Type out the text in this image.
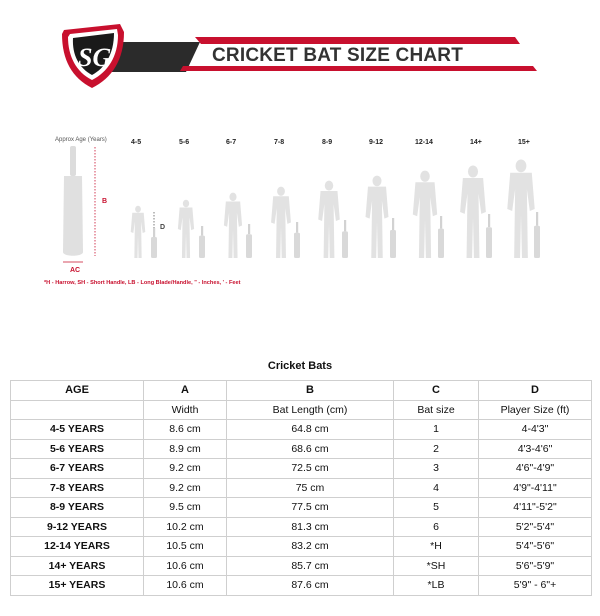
CRICKET BAT SIZE CHART
SG
Approx Age (Years)
B
AC
4-5	5-6	6-7	7-8	8-9	9-12	12-14	14+	15+
D
*H - Harrow, SH - Short Handle, LB - Long Blade/Handle, " - Inches, ' - Feet
Cricket Bats
AGE	A	B	C	D
	Width	Bat Length (cm)	Bat size	Player Size (ft)
4-5 YEARS	8.6 cm	64.8 cm	1	4-4'3"
5-6 YEARS	8.9 cm	68.6 cm	2	4'3-4'6"
6-7 YEARS	9.2 cm	72.5 cm	3	4'6"-4'9"
7-8 YEARS	9.2 cm	75 cm	4	4'9"-4'11"
8-9 YEARS	9.5 cm	77.5 cm	5	4'11"-5'2"
9-12 YEARS	10.2 cm	81.3 cm	6	5'2"-5'4"
12-14 YEARS	10.5 cm	83.2 cm	*H	5'4"-5'6"
14+ YEARS	10.6 cm	85.7 cm	*SH	5'6"-5'9"
15+ YEARS	10.6 cm	87.6 cm	*LB	5'9" - 6"+
